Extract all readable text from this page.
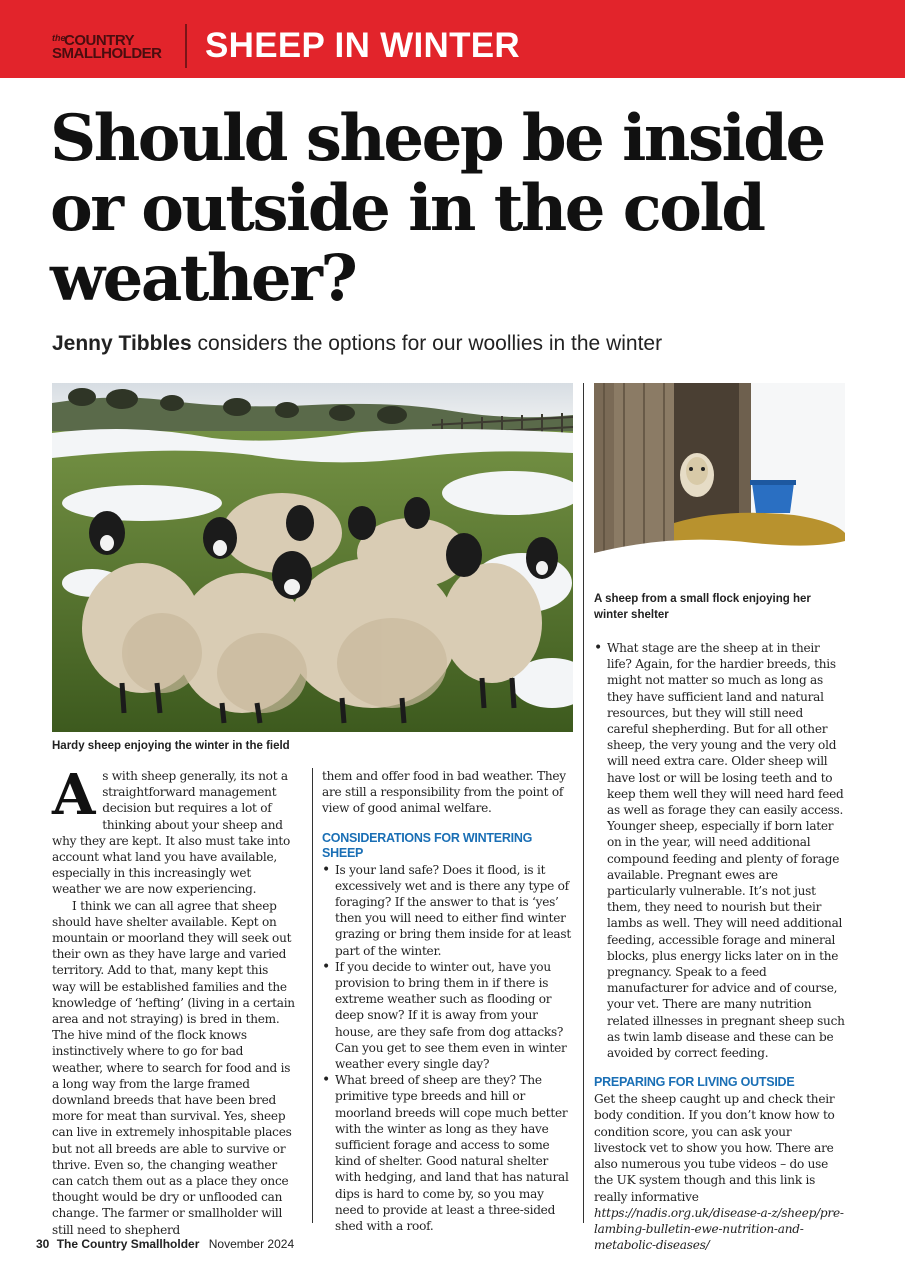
the
COUNTRY
SMALLHOLDER SHEEP IN WINTER
Should sheep be inside or outside in the cold weather?
Jenny Tibbles considers the options for our woollies in the winter
Hardy sheep enjoying the winter in the field
A sheep from a small flock enjoying her winter shelter

As with sheep generally, its not a straightforward management decision but requires a lot of thinking about your sheep and why they are kept. It also must take into account what land you have available, especially in this increasingly wet weather we are now experiencing.

I think we can all agree that sheep should have shelter available. Kept on mountain or moorland they will seek out their own as they have large and varied territory. Add to that, many kept this way will be established families and the knowledge of ‘hefting’ (living in a certain area and not straying) is bred in them. The hive mind of the flock knows instinctively where to go for bad weather, where to search for food and is a long way from the large framed downland breeds that have been bred more for meat than survival. Yes, sheep can live in extremely inhospitable places but not all breeds are able to survive or thrive. Even so, the changing weather can catch them out as a place they once thought would be dry or unflooded can change. The farmer or smallholder will still need to shepherd

them and offer food in bad weather. They are still a responsibility from the point of view of good animal welfare.

CONSIDERATIONS FOR WINTERING SHEEP
• Is your land safe? Does it flood, is it excessively wet and is there any type of foraging? If the answer to that is ‘yes’ then you will need to either find winter grazing or bring them inside for at least part of the winter.
• If you decide to winter out, have you provision to bring them in if there is extreme weather such as flooding or deep snow? If it is away from your house, are they safe from dog attacks? Can you get to see them even in winter weather every single day?
• What breed of sheep are they? The primitive type breeds and hill or moorland breeds will cope much better with the winter as long as they have sufficient forage and access to some kind of shelter. Good natural shelter with hedging, and land that has natural dips is hard to come by, so you may need to provide at least a three-sided shed with a roof.
• What stage are the sheep at in their life? Again, for the hardier breeds, this might not matter so much as long as they have sufficient land and natural resources, but they will still need careful shepherding. But for all other sheep, the very young and the very old will need extra care. Older sheep will have lost or will be losing teeth and to keep them well they will need hard feed as well as forage they can easily access. Younger sheep, especially if born later on in the year, will need additional compound feeding and plenty of forage available. Pregnant ewes are particularly vulnerable. It’s not just them, they need to nourish but their lambs as well. They will need additional feeding, accessible forage and mineral blocks, plus energy licks later on in the pregnancy. Speak to a feed manufacturer for advice and of course, your vet. There are many nutrition related illnesses in pregnant sheep such as twin lamb disease and these can be avoided by correct feeding.
PREPARING FOR LIVING OUTSIDE

Get the sheep caught up and check their body condition. If you don’t know how to condition score, you can ask your livestock vet to show you how. There are also numerous you tube videos – do use the UK system though and this link is really informative https://nadis.org.uk/disease-a-z/sheep/pre-lambing-bulletin-ewe-nutrition-and-metabolic-diseases/

30 The Country Smallholder November 2024
